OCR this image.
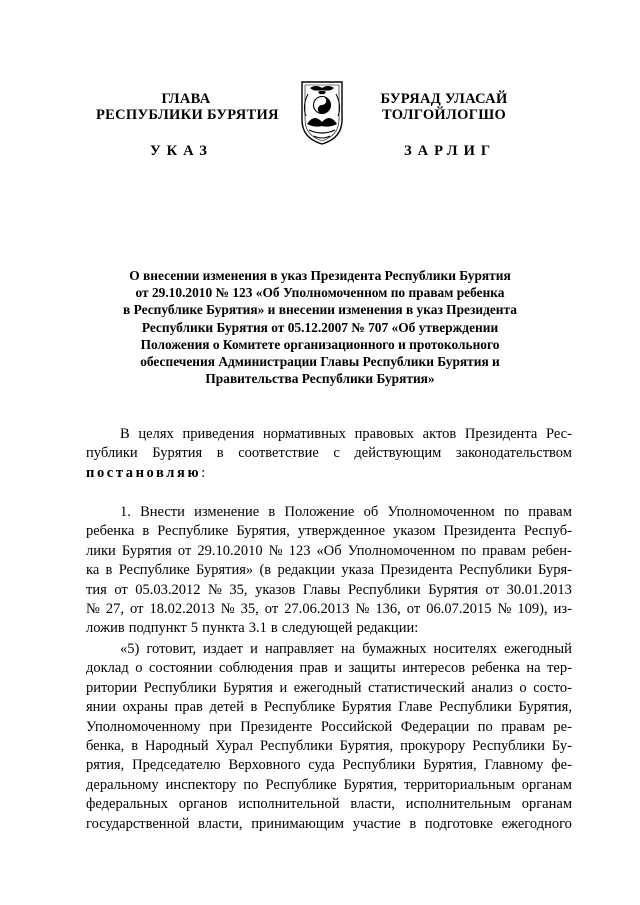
ГЛАВА
РЕСПУБЛИКИ БУРЯТИЯ
УКАЗ
БУРЯАД УЛАСАЙ
ТОЛГОЙЛОГШО
ЗАРЛИГ
О внесении изменения в указ Президента Республики Бурятия
от 29.10.2010 № 123 «Об Уполномоченном по правам ребенка
в Республике Бурятия» и внесении изменения в указ Президента
Республики Бурятия от 05.12.2007 № 707 «Об утверждении
Положения о Комитете организационного и протокольного
обеспечения Администрации Главы Республики Бурятия и
Правительства Республики Бурятия»
В целях приведения нормативных правовых актов Президента Рес-
публики Бурятия в соответствие с действующим законодательством
постановляю :
1. Внести изменение в Положение об Уполномоченном по правам
ребенка в Республике Бурятия, утвержденное указом Президента Респуб-
лики Бурятия от 29.10.2010 № 123 «Об Уполномоченном по правам ребен-
ка в Республике Бурятия» (в редакции указа Президента Республики Буря-
тия от 05.03.2012 № 35, указов Главы Республики Бурятия от 30.01.2013
№ 27, от 18.02.2013 № 35, от 27.06.2013 № 136, от 06.07.2015 № 109), из-
ложив подпункт 5 пункта 3.1 в следующей редакции:
«5) готовит, издает и направляет на бумажных носителях ежегодный
доклад о состоянии соблюдения прав и защиты интересов ребенка на тер-
ритории Республики Бурятия и ежегодный статистический анализ о состо-
янии охраны прав детей в Республике Бурятия Главе Республики Бурятия,
Уполномоченному при Президенте Российской Федерации по правам ре-
бенка, в Народный Хурал Республики Бурятия, прокурору Республики Бу-
рятия, Председателю Верховного суда Республики Бурятия, Главному фе-
деральному инспектору по Республике Бурятия, территориальным органам
федеральных органов исполнительной власти, исполнительным органам
государственной власти, принимающим участие в подготовке ежегодного
